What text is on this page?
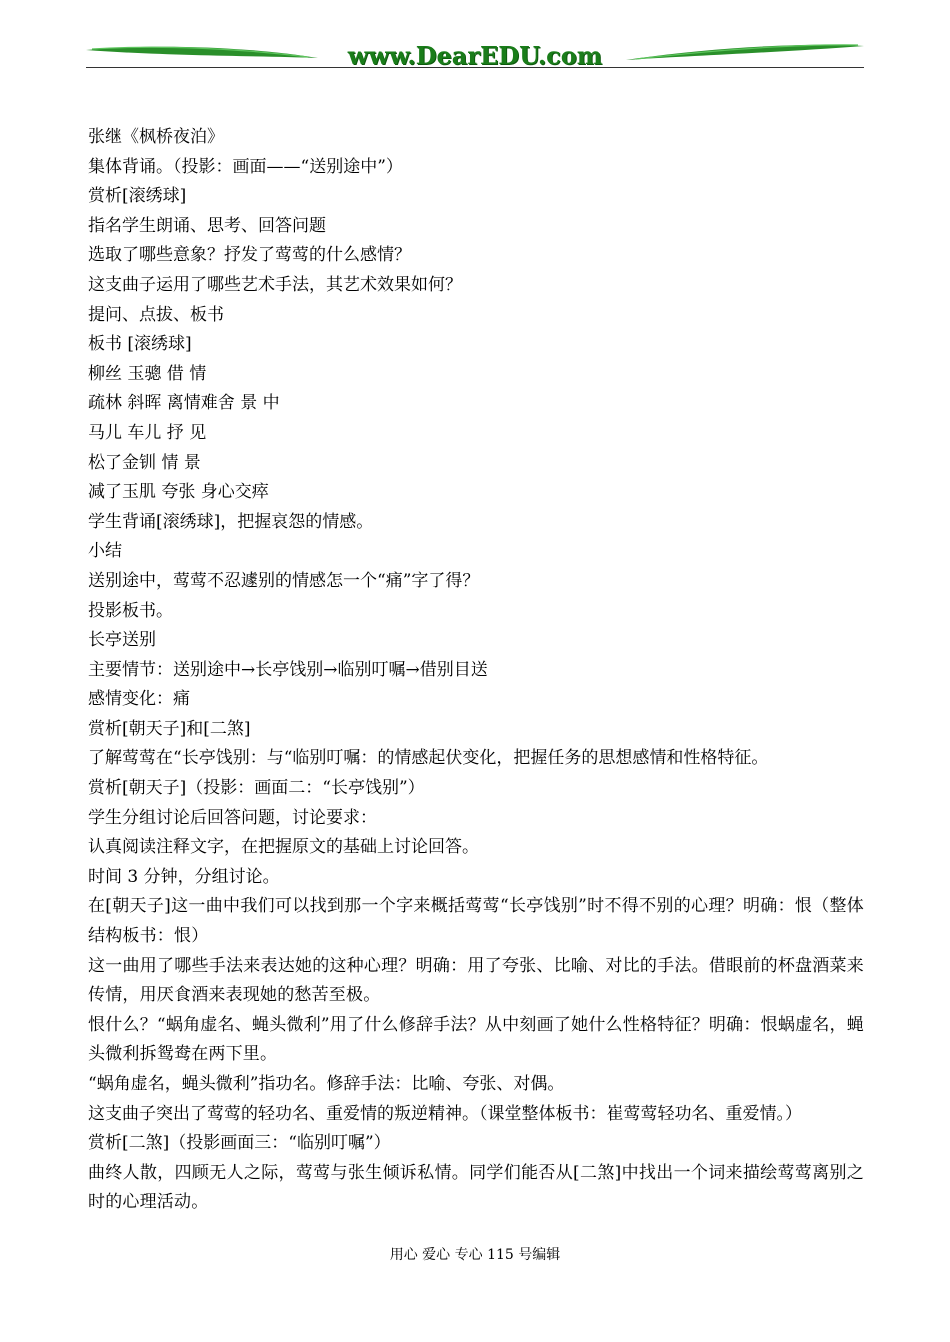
www.DearEDU.com
张继《枫桥夜泊》
集体背诵。（投影：画面——“送别途中”）
赏析[滚绣球]
指名学生朗诵、思考、回答问题
选取了哪些意象？抒发了莺莺的什么感情？
这支曲子运用了哪些艺术手法，其艺术效果如何？
提问、点拔、板书
板书 [滚绣球]
柳丝 玉骢 借 情
疏林 斜晖 离情难舍 景 中
马儿 车儿 抒 见
松了金钏 情 景
减了玉肌 夸张 身心交瘁
学生背诵[滚绣球]，把握哀怨的情感。
小结
送别途中，莺莺不忍遽别的情感怎一个“痛”字了得？
投影板书。
长亭送别
主要情节：送别途中→长亭饯别→临别叮嘱→借别目送
感情变化：痛
赏析[朝天子]和[二煞]
了解莺莺在“长亭饯别：与“临别叮嘱：的情感起伏变化，把握任务的思想感情和性格特征。
赏析[朝天子]（投影：画面二：“长亭饯别”）
学生分组讨论后回答问题，讨论要求：
认真阅读注释文字，在把握原文的基础上讨论回答。
时间 3 分钟，分组讨论。
在[朝天子]这一曲中我们可以找到那一个字来概括莺莺“长亭饯别”时不得不别的心理？明确：恨（整体结构板书：恨）
这一曲用了哪些手法来表达她的这种心理？明确：用了夸张、比喻、对比的手法。借眼前的杯盘酒菜来传情，用厌食酒来表现她的愁苦至极。
恨什么？“蜗角虚名、蝇头微利”用了什么修辞手法？从中刻画了她什么性格特征？明确：恨蜗虚名，蝇头微利拆鸳鸯在两下里。
“蜗角虚名，蝇头微利”指功名。修辞手法：比喻、夸张、对偶。
这支曲子突出了莺莺的轻功名、重爱情的叛逆精神。（课堂整体板书：崔莺莺轻功名、重爱情。）
赏析[二煞]（投影画面三：“临别叮嘱”）
曲终人散，四顾无人之际，莺莺与张生倾诉私情。同学们能否从[二煞]中找出一个词来描绘莺莺离别之时的心理活动。
用心 爱心 专心 115 号编辑
